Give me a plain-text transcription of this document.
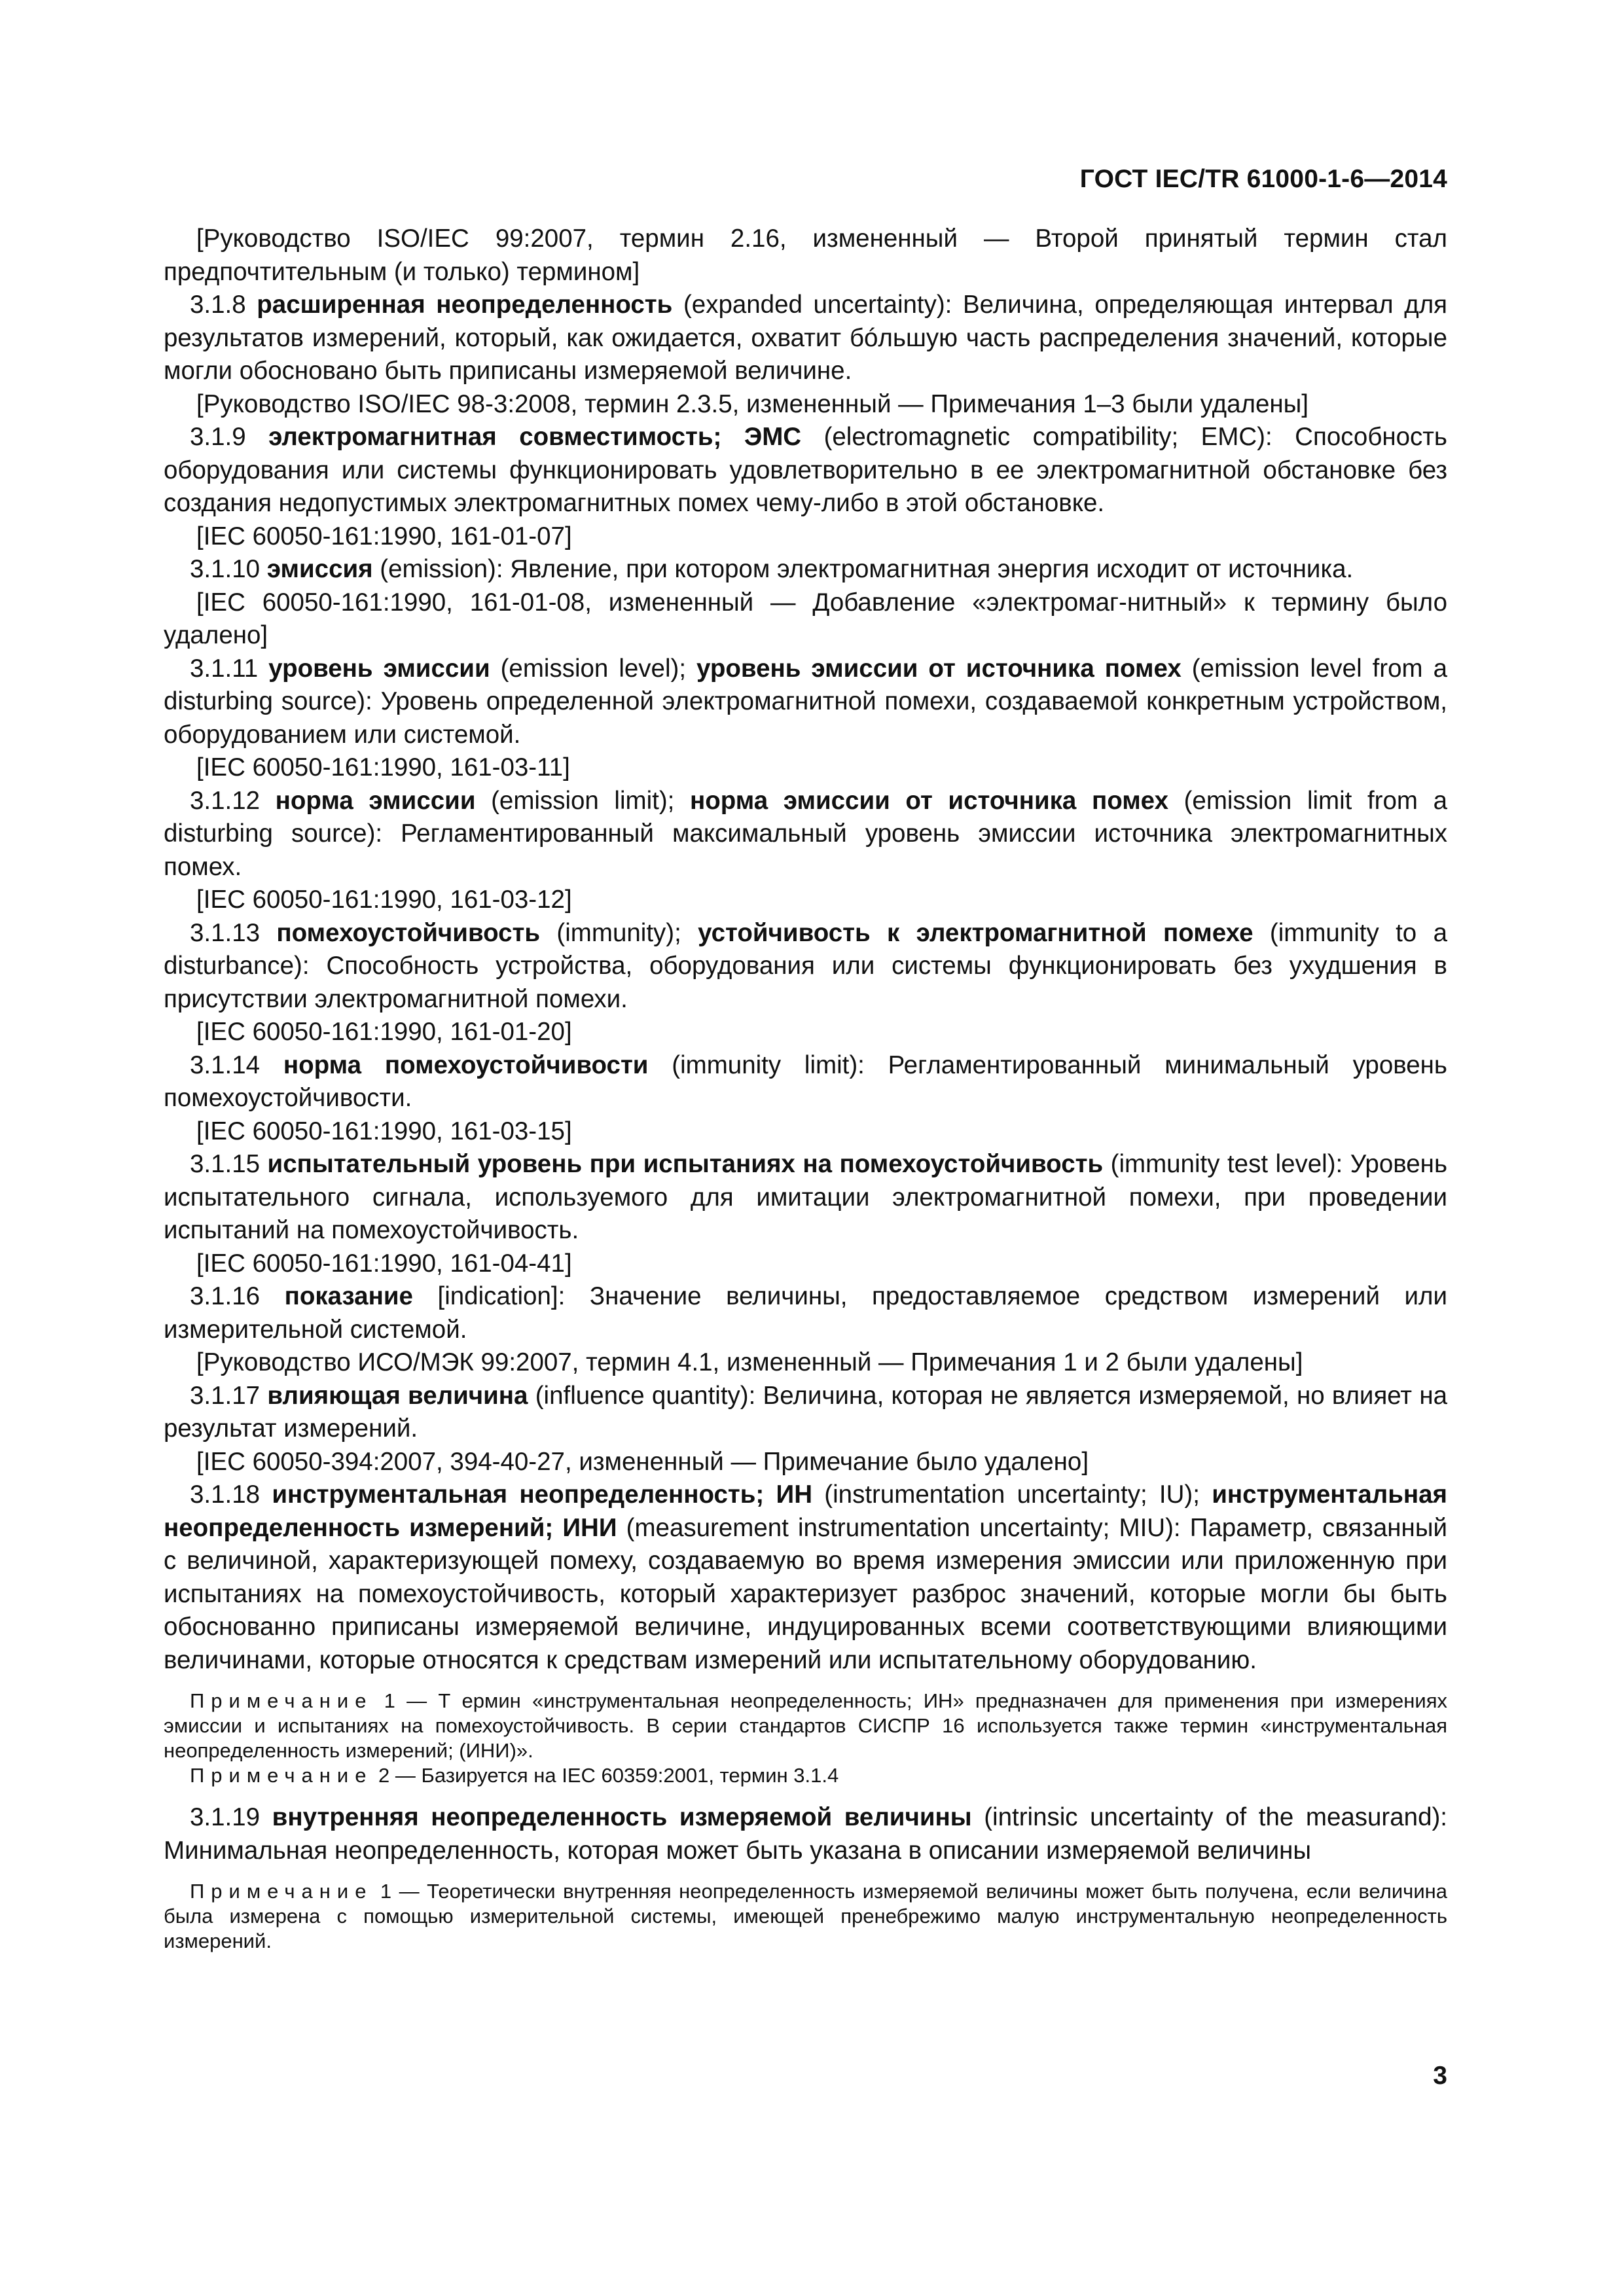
ГОСТ IEC/TR 61000-1-6—2014

[Руководство ISO/IEC 99:2007, термин 2.16, измененный — Второй принятый термин стал предпочтительным (и только) термином]

3.1.8 расширенная неопределенность (expanded uncertainty): Величина, определяющая интервал для результатов измерений, который, как ожидается, охватит бóльшую часть распределения значений, которые могли обосновано быть приписаны измеряемой величине.

[Руководство ISO/IEC 98-3:2008, термин 2.3.5, измененный — Примечания 1–3 были удалены]

3.1.9 электромагнитная совместимость; ЭМС (electromagnetic compatibility; EMC): Способность оборудования или системы функционировать удовлетворительно в ее электромагнитной обстановке без создания недопустимых электромагнитных помех чему-либо в этой обстановке.

[IEC 60050-161:1990, 161-01-07]

3.1.10 эмиссия (emission): Явление, при котором электромагнитная энергия исходит от источника.

[IEC 60050-161:1990, 161-01-08, измененный — Добавление «электромаг-нитный» к термину было удалено]

3.1.11 уровень эмиссии (emission level); уровень эмиссии от источника помех (emission level from a disturbing source): Уровень определенной электромагнитной помехи, создаваемой конкретным устройством, оборудованием или системой.

[IEC 60050-161:1990, 161-03-11]

3.1.12 норма эмиссии (emission limit); норма эмиссии от источника помех (emission limit from a disturbing source): Регламентированный максимальный уровень эмиссии источника электромагнитных помех.

[IEC 60050-161:1990, 161-03-12]

3.1.13 помехоустойчивость (immunity); устойчивость к электромагнитной помехе (immunity to a disturbance): Способность устройства, оборудования или системы функционировать без ухудшения в присутствии электромагнитной помехи.

[IEC 60050-161:1990, 161-01-20]

3.1.14 норма помехоустойчивости (immunity limit): Регламентированный минимальный уровень помехоустойчивости.

[IEC 60050-161:1990, 161-03-15]

3.1.15 испытательный уровень при испытаниях на помехоустойчивость (immunity test level): Уровень испытательного сигнала, используемого для имитации электромагнитной помехи, при проведении испытаний на помехоустойчивость.

[IEC 60050-161:1990, 161-04-41]

3.1.16 показание [indication]: Значение величины, предоставляемое средством измерений или измерительной системой.

[Руководство ИСО/МЭК 99:2007, термин 4.1, измененный — Примечания 1 и 2 были удалены]

3.1.17 влияющая величина (influence quantity): Величина, которая не является измеряемой, но влияет на результат измерений.

[IEC 60050-394:2007, 394-40-27, измененный — Примечание было удалено]

3.1.18 инструментальная неопределенность; ИН (instrumentation uncertainty; IU); инструментальная неопределенность измерений; ИНИ (measurement instrumentation uncertainty; MIU): Параметр, связанный с величиной, характеризующей помеху, создаваемую во время измерения эмиссии или приложенную при испытаниях на помехоустойчивость, который характеризует разброс значений, которые могли бы быть обоснованно приписаны измеряемой величине, индуцированных всеми соответствующими влияющими величинами, которые относятся к средствам измерений или испытательному оборудованию.

Примечание 1 — Т ермин «инструментальная неопределенность; ИН» предназначен для применения при измерениях эмиссии и испытаниях на помехоустойчивость. В серии стандартов СИСПР 16 используется также термин «инструментальная неопределенность измерений; (ИНИ)».

Примечание 2 — Базируется на IEC 60359:2001, термин 3.1.4

3.1.19 внутренняя неопределенность измеряемой величины (intrinsic uncertainty of the measurand): Минимальная неопределенность, которая может быть указана в описании измеряемой величины

Примечание 1 — Теоретически внутренняя неопределенность измеряемой величины может быть получена, если величина была измерена с помощью измерительной системы, имеющей пренебрежимо малую инструментальную неопределенность измерений.

3
